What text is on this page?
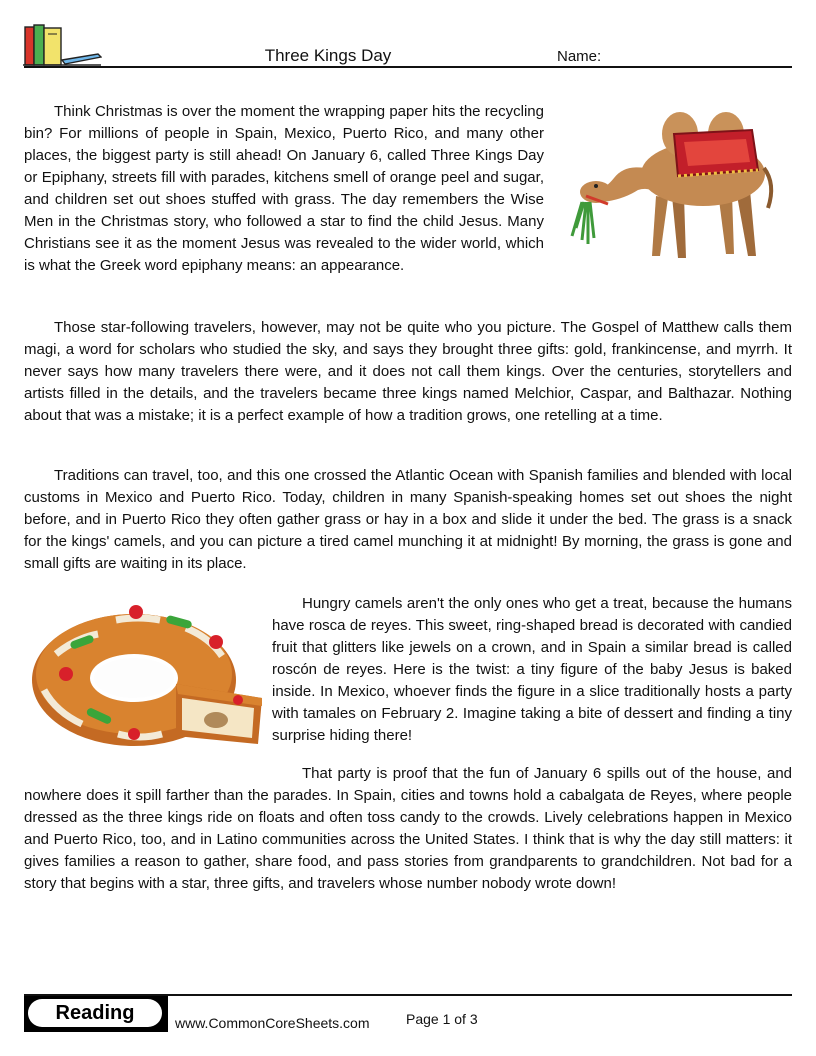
Three Kings Day	Name:

Think Christmas is over the moment the wrapping paper hits the recycling bin? For millions of people in Spain, Mexico, Puerto Rico, and many other places, the biggest party is still ahead! On January 6, called Three Kings Day or Epiphany, streets fill with parades, kitchens smell of orange peel and sugar, and children set out shoes stuffed with grass. The day remembers the Wise Men in the Christmas story, who followed a star to find the child Jesus. Many Christians see it as the moment Jesus was revealed to the wider world, which is what the Greek word epiphany means: an appearance.

Those star-following travelers, however, may not be quite who you picture. The Gospel of Matthew calls them magi, a word for scholars who studied the sky, and says they brought three gifts: gold, frankincense, and myrrh. It never says how many travelers there were, and it does not call them kings. Over the centuries, storytellers and artists filled in the details, and the travelers became three kings named Melchior, Caspar, and Balthazar. Nothing about that was a mistake; it is a perfect example of how a tradition grows, one retelling at a time.

Traditions can travel, too, and this one crossed the Atlantic Ocean with Spanish families and blended with local customs in Mexico and Puerto Rico. Today, children in many Spanish-speaking homes set out shoes the night before, and in Puerto Rico they often gather grass or hay in a box and slide it under the bed. The grass is a snack for the kings' camels, and you can picture a tired camel munching it at midnight! By morning, the grass is gone and small gifts are waiting in its place.

Hungry camels aren't the only ones who get a treat, because the humans have rosca de reyes. This sweet, ring-shaped bread is decorated with candied fruit that glitters like jewels on a crown, and in Spain a similar bread is called roscón de reyes. Here is the twist: a tiny figure of the baby Jesus is baked inside. In Mexico, whoever finds the figure in a slice traditionally hosts a party with tamales on February 2. Imagine taking a bite of dessert and finding a tiny surprise hiding there!

That party is proof that the fun of January 6 spills out of the house, and nowhere does it spill farther than the parades. In Spain, cities and towns hold a cabalgata de Reyes, where people dressed as the three kings ride on floats and often toss candy to the crowds. Lively celebrations happen in Mexico and Puerto Rico, too, and in Latino communities across the United States. I think that is why the day still matters: it gives families a reason to gather, share food, and pass stories from grandparents to grandchildren. Not bad for a story that begins with a star, three gifts, and travelers whose number nobody wrote down!

Reading	www.CommonCoreSheets.com	Page 1 of 3
